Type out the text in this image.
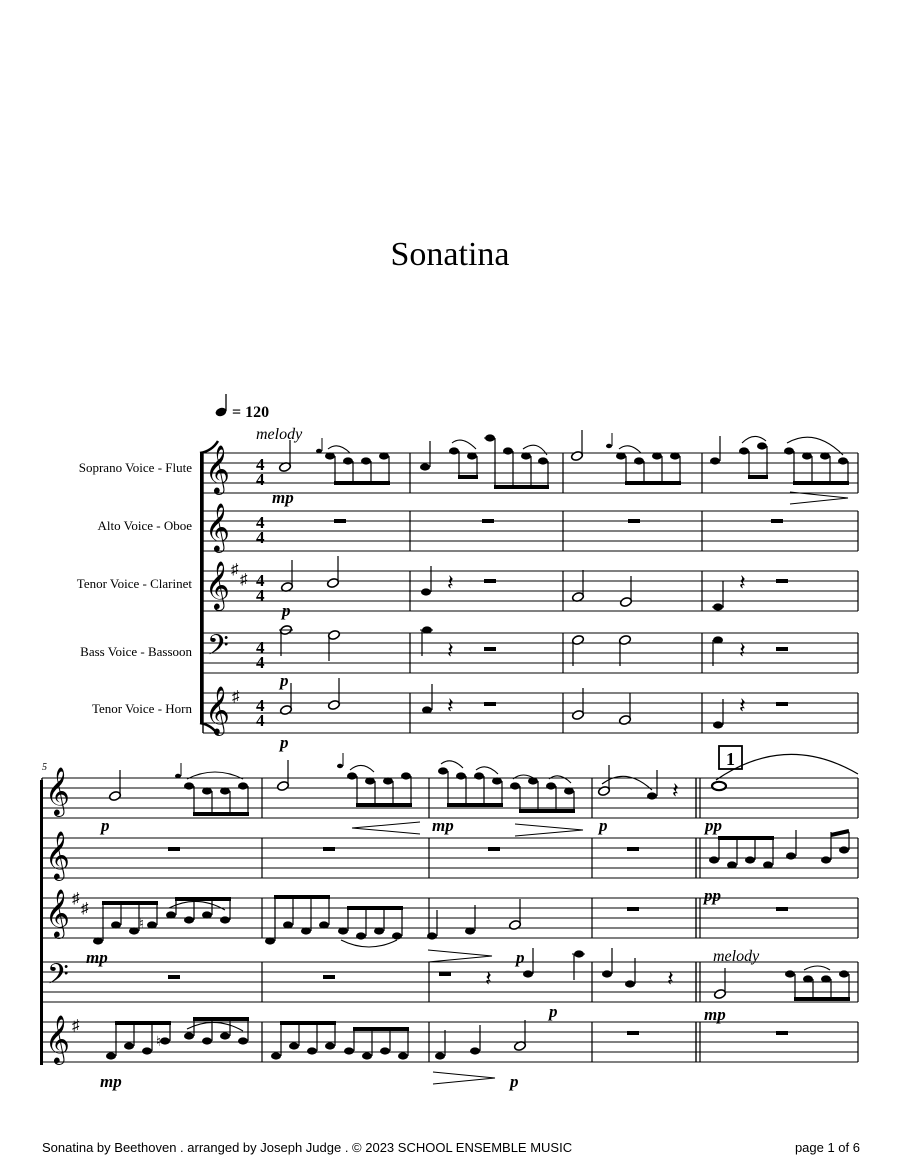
Sonatina
= 120
melody
Soprano Voice - Flute
Alto Voice - Oboe
Tenor Voice - Clarinet
Bass Voice - Bassoon
Tenor Voice - Horn
𝄞
𝄞
𝄞
𝄢
𝄞
♯
♯
♯
4
4
4
4
4
4
4
4
4
4
mp
𝄽	𝄽
p
𝄽	𝄽
p
𝄽	𝄽
p
5
𝄞
𝄞
𝄞
𝄢
𝄞
♯
♯
♯
1
𝄽
p	mp	p	pp
pp
♮
mp	p
𝄽	𝄽
melody
p	mp
♮
mp	p
Sonatina by Beethoven . arranged by Joseph Judge . © 2023 SCHOOL ENSEMBLE MUSIC	page 1 of 6
